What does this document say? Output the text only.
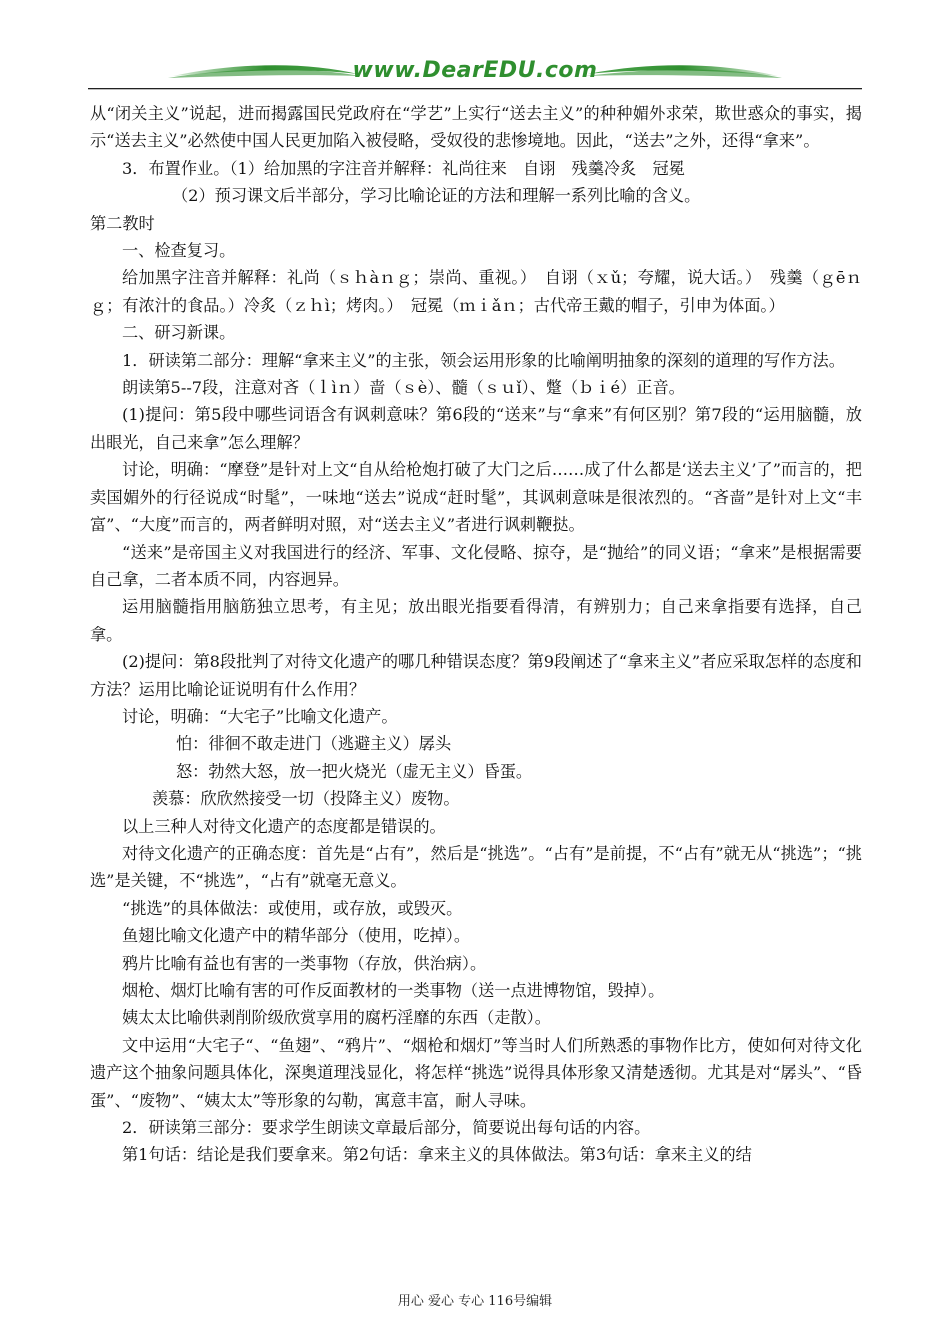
www.DearEDU.com

从“闭关主义”说起，进而揭露国民党政府在“学艺”上实行“送去主义”的种种媚外求荣，欺世惑众的事实，揭示“送去主义”必然使中国人民更加陷入被侵略，受奴役的悲惨境地。因此，“送去”之外，还得“拿来”。

3．布置作业。（1）给加黑的字注音并解释：礼尚往来　自诩　残羹冷炙　冠冕

（2）预习课文后半部分，学习比喻论证的方法和理解一系列比喻的含义。

第二教时

一、检查复习。

给加黑字注音并解释：礼尚（ｓｈàｎｇ；崇尚、重视。）　自诩（ｘǔ；夸耀，说大话。）　残羹（ｇēｎｇ；有浓汁的食品。）冷炙（ｚｈì；烤肉。）　冠冕（ｍｉǎｎ；古代帝王戴的帽子，引申为体面。）

二、研习新课。

1．研读第二部分：理解“拿来主义”的主张，领会运用形象的比喻阐明抽象的深刻的道理的写作方法。

朗读第5--7段，注意对吝（ｌìｎ）啬（ｓè）、髓（ｓｕǐ）、蹩（ｂｉé）正音。

(1)提问：第5段中哪些词语含有讽刺意味？第6段的“送来”与“拿来”有何区别？第7段的“运用脑髓，放出眼光，自己来拿”怎么理解？

讨论，明确：“摩登”是针对上文“自从给枪炮打破了大门之后……成了什么都是‘送去主义’了”而言的，把卖国媚外的行径说成“时髦”，一味地“送去”说成“赶时髦”，其讽刺意味是很浓烈的。“吝啬”是针对上文“丰富”、“大度”而言的，两者鲜明对照，对“送去主义”者进行讽刺鞭挞。

“送来”是帝国主义对我国进行的经济、军事、文化侵略、掠夺，是“抛给”的同义语；“拿来”是根据需要自己拿，二者本质不同，内容迥异。

运用脑髓指用脑筋独立思考，有主见；放出眼光指要看得清，有辨别力；自己来拿指要有选择，自己拿。

(2)提问：第8段批判了对待文化遗产的哪几种错误态度？第9段阐述了“拿来主义”者应采取怎样的态度和方法？运用比喻论证说明有什么作用？

讨论，明确：“大宅子”比喻文化遗产。

怕：徘徊不敢走进门（逃避主义）孱头

怒：勃然大怒，放一把火烧光（虚无主义）昏蛋。

羡慕：欣欣然接受一切（投降主义）废物。

以上三种人对待文化遗产的态度都是错误的。

对待文化遗产的正确态度：首先是“占有”，然后是“挑选”。“占有”是前提，不“占有”就无从“挑选”；“挑选”是关键，不“挑选”，“占有”就毫无意义。

“挑选”的具体做法：或使用，或存放，或毁灭。

鱼翅比喻文化遗产中的精华部分（使用，吃掉）。

鸦片比喻有益也有害的一类事物（存放，供治病）。

烟枪、烟灯比喻有害的可作反面教材的一类事物（送一点进博物馆，毁掉）。

姨太太比喻供剥削阶级欣赏享用的腐朽淫靡的东西（走散）。

文中运用“大宅子“、“鱼翅”、“鸦片”、“烟枪和烟灯”等当时人们所熟悉的事物作比方，使如何对待文化遗产这个抽象问题具体化，深奥道理浅显化，将怎样“挑选”说得具体形象又清楚透彻。尤其是对“孱头”、“昏蛋”、“废物”、“姨太太”等形象的勾勒，寓意丰富，耐人寻味。

2．研读第三部分：要求学生朗读文章最后部分，简要说出每句话的内容。

第1句话：结论是我们要拿来。第2句话：拿来主义的具体做法。第3句话：拿来主义的结

用心 爱心 专心 116号编辑
